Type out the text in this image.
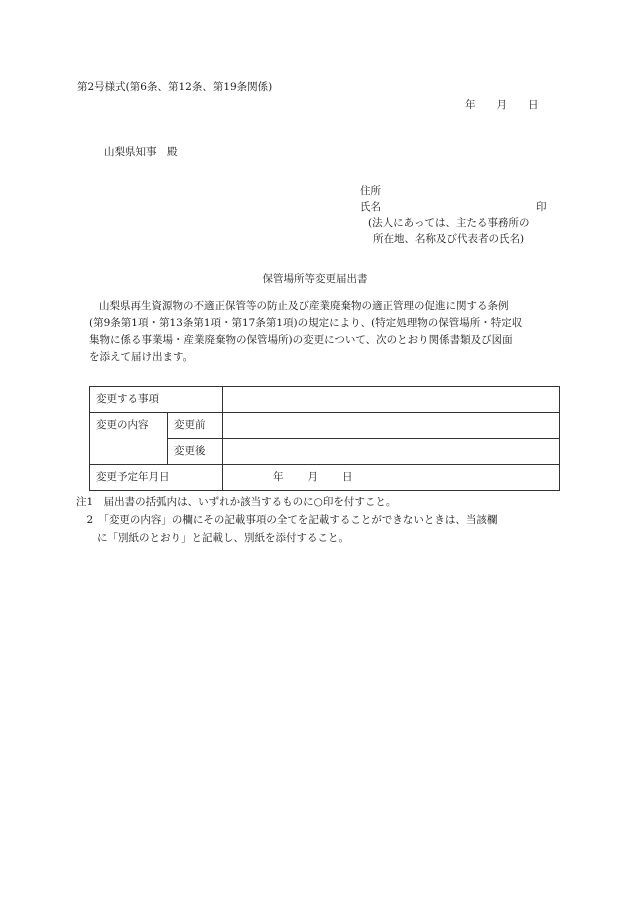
第2号様式(第6条、第12条、第19条関係)
年 月 日
山梨県知事　殿
住所
氏名	印
(法人にあっては、主たる事務所の
所在地、名称及び代表者の氏名)
保管場所等変更届出書
山梨県再生資源物の不適正保管等の防止及び産業廃棄物の適正管理の促進に関する条例
(第9条第1項・第13条第1項・第17条第1項)の規定により、(特定処理物の保管場所・特定収
集物に係る事業場・産業廃棄物の保管場所)の変更について、次のとおり関係書類及び図面
を添えて届け出ます。
変更する事項		
変更の内容	変更前	
	変更後	
変更予定年月日		年 月 日
注1　届出書の括弧内は、いずれか該当するものに○印を付すこと。
　2　「変更の内容」の欄にその記載事項の全てを記載することができないときは、当該欄
　　に「別紙のとおり」と記載し、別紙を添付すること。
